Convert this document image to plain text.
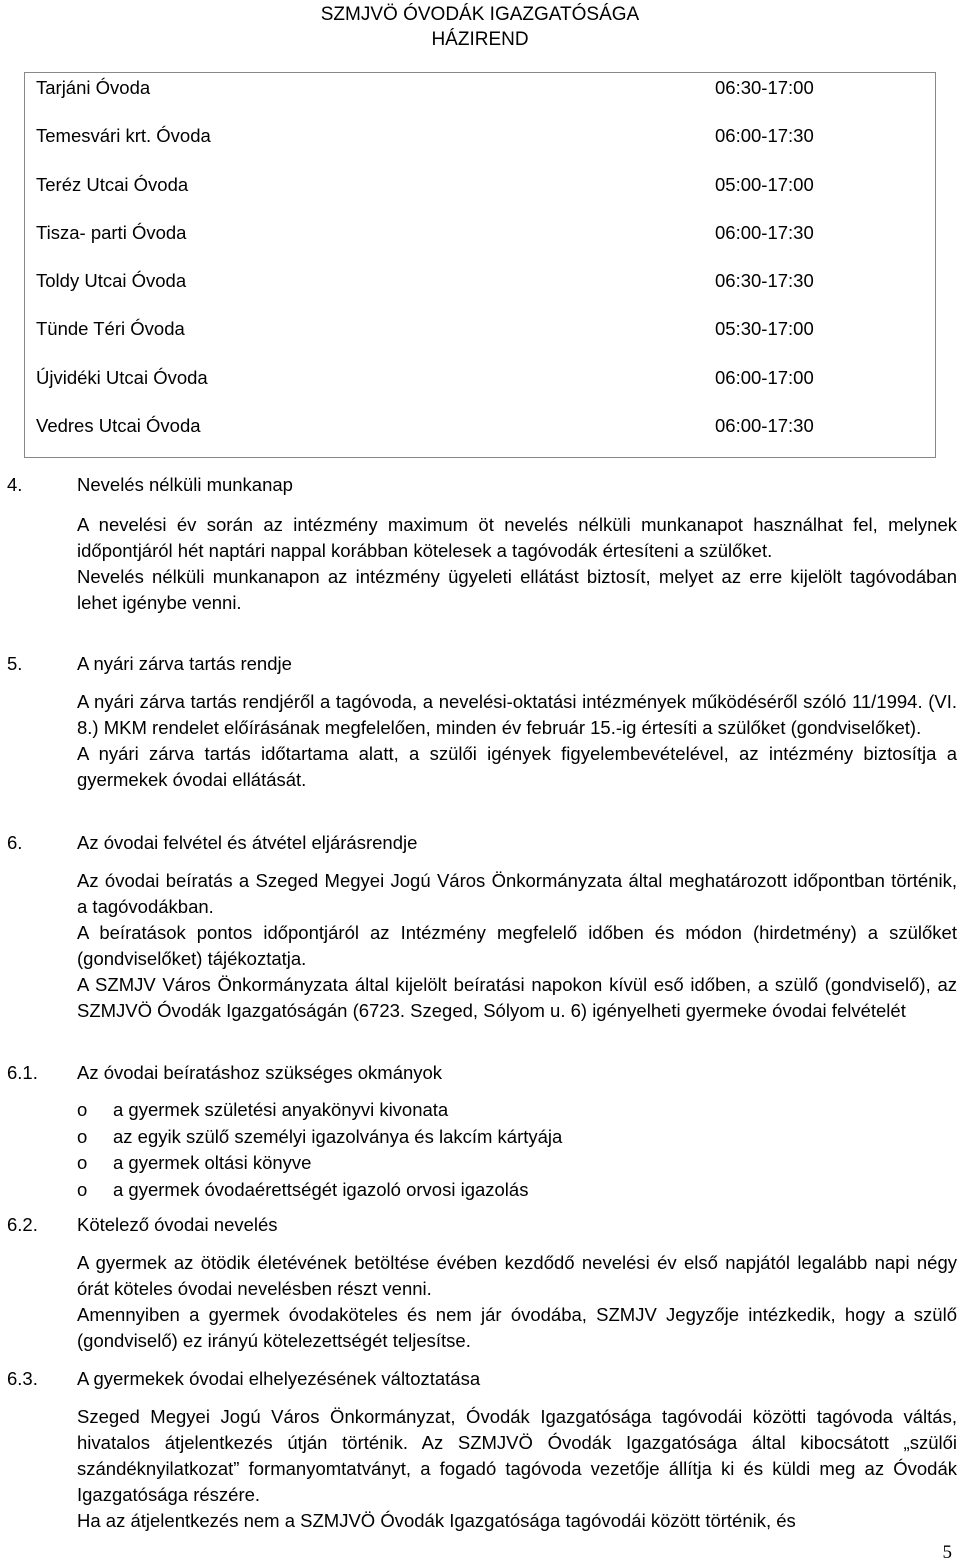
SZMJVÖ ÓVODÁK IGAZGATÓSÁGA
HÁZIREND
Tarjáni Óvoda	06:30-17:00
Temesvári krt. Óvoda	06:00-17:30
Teréz Utcai Óvoda	05:00-17:00
Tisza- parti Óvoda	06:00-17:30
Toldy Utcai Óvoda	06:30-17:30
Tünde Téri Óvoda	05:30-17:00
Újvidéki Utcai Óvoda	06:00-17:00
Vedres Utcai Óvoda	06:00-17:30
4.	Nevelés nélküli munkanap

A nevelési év során az intézmény maximum öt nevelés nélküli munkanapot használhat fel, melynek időpontjáról hét naptári nappal korábban kötelesek a tagóvodák értesíteni a szülőket.

Nevelés nélküli munkanapon az intézmény ügyeleti ellátást biztosít, melyet az erre kijelölt tagóvodában lehet igénybe venni.

5.	A nyári zárva tartás rendje

A nyári zárva tartás rendjéről a tagóvoda, a nevelési-oktatási intézmények működéséről szóló 11/1994. (VI. 8.) MKM rendelet előírásának megfelelően, minden év február 15.-ig értesíti a szülőket (gondviselőket).

A nyári zárva tartás időtartama alatt, a szülői igények figyelembevételével, az intézmény biztosítja a gyermekek óvodai ellátását.

6.	Az óvodai felvétel és átvétel eljárásrendje

Az óvodai beíratás a Szeged Megyei Jogú Város Önkormányzata által meghatározott időpontban történik, a tagóvodákban.

A beíratások pontos időpontjáról az Intézmény megfelelő időben és módon (hirdetmény) a szülőket (gondviselőket) tájékoztatja.

A SZMJV Város Önkormányzata által kijelölt beíratási napokon kívül eső időben, a szülő (gondviselő), az SZMJVÖ Óvodák Igazgatóságán (6723. Szeged, Sólyom u. 6) igényelheti gyermeke óvodai felvételét

6.1. Az óvodai beíratáshoz szükséges okmányok
o a gyermek születési anyakönyvi kivonata
o az egyik szülő személyi igazolványa és lakcím kártyája
o a gyermek oltási könyve
o a gyermek óvodaérettségét igazoló orvosi igazolás
6.2. Kötelező óvodai nevelés

A gyermek az ötödik életévének betöltése évében kezdődő nevelési év első napjától legalább napi négy órát köteles óvodai nevelésben részt venni.

Amennyiben a gyermek óvodaköteles és nem jár óvodába, SZMJV Jegyzője intézkedik, hogy a szülő (gondviselő) ez irányú kötelezettségét teljesítse.

6.3. A gyermekek óvodai elhelyezésének változtatása

Szeged Megyei Jogú Város Önkormányzat, Óvodák Igazgatósága tagóvodái közötti tagóvoda váltás, hivatalos átjelentkezés útján történik. Az SZMJVÖ Óvodák Igazgatósága által kibocsátott „szülői szándéknyilatkozat” formanyomtatványt, a fogadó tagóvoda vezetője állítja ki és küldi meg az Óvodák Igazgatósága részére.

Ha az átjelentkezés nem a SZMJVÖ Óvodák Igazgatósága tagóvodái között történik, és

5
